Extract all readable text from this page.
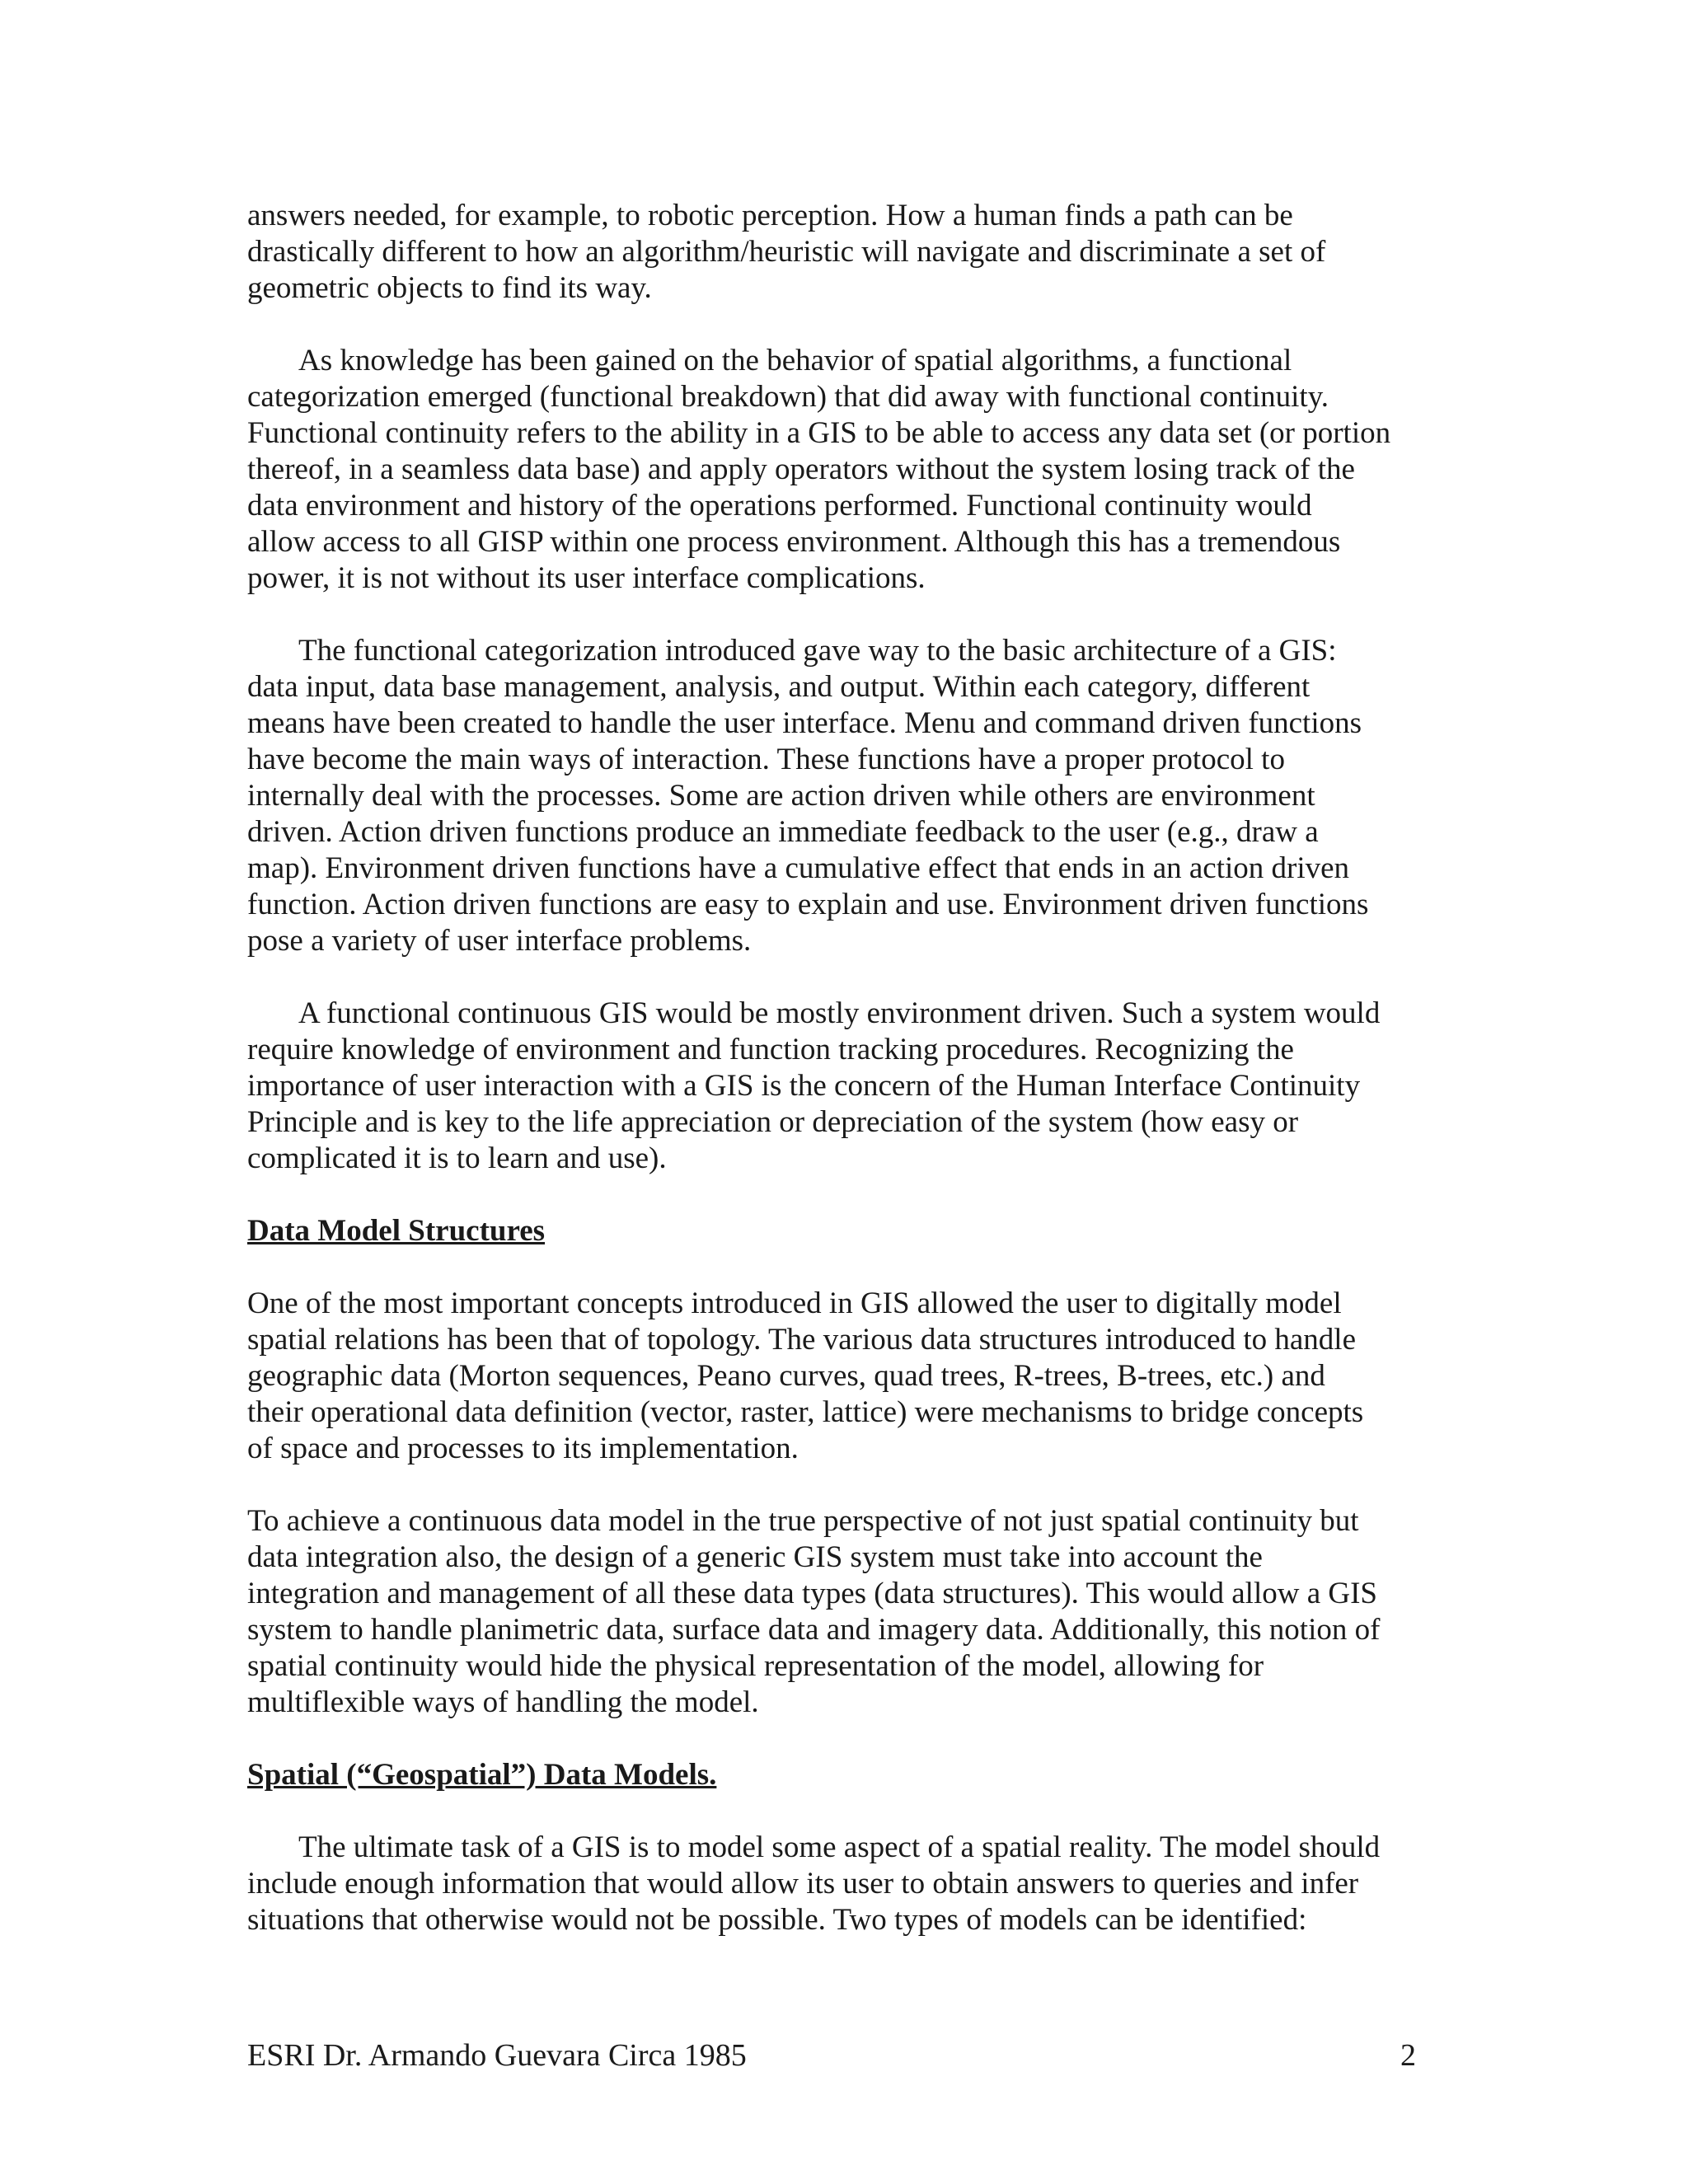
answers needed, for example, to robotic perception. How a human finds a path can be
drastically different to how an algorithm/heuristic will navigate and discriminate a set of
geometric objects to find its way.
As knowledge has been gained on the behavior of spatial algorithms, a functional
categorization emerged (functional breakdown) that did away with functional continuity.
Functional continuity refers to the ability in a GIS to be able to access any data set (or portion
thereof, in a seamless data base) and apply operators without the system losing track of the
data environment and history of the operations performed. Functional continuity would
allow access to all GISP within one process environment. Although this has a tremendous
power, it is not without its user interface complications.
The functional categorization introduced gave way to the basic architecture of a GIS:
data input, data base management, analysis, and output. Within each category, different
means have been created to handle the user interface. Menu and command driven functions
have become the main ways of interaction. These functions have a proper protocol to
internally deal with the processes. Some are action driven while others are environment
driven. Action driven functions produce an immediate feedback to the user (e.g., draw a
map). Environment driven functions have a cumulative effect that ends in an action driven
function. Action driven functions are easy to explain and use. Environment driven functions
pose a variety of user interface problems.
A functional continuous GIS would be mostly environment driven. Such a system would
require knowledge of environment and function tracking procedures. Recognizing the
importance of user interaction with a GIS is the concern of the Human Interface Continuity
Principle and is key to the life appreciation or depreciation of the system (how easy or
complicated it is to learn and use).
Data Model Structures
One of the most important concepts introduced in GIS allowed the user to digitally model
spatial relations has been that of topology. The various data structures introduced to handle
geographic data (Morton sequences, Peano curves, quad trees, R-trees, B-trees, etc.) and
their operational data definition (vector, raster, lattice) were mechanisms to bridge concepts
of space and processes to its implementation.
To achieve a continuous data model in the true perspective of not just spatial continuity but
data integration also, the design of a generic GIS system must take into account the
integration and management of all these data types (data structures). This would allow a GIS
system to handle planimetric data, surface data and imagery data. Additionally, this notion of
spatial continuity would hide the physical representation of the model, allowing for
multiflexible ways of handling the model.
Spatial (“Geospatial”) Data Models.
The ultimate task of a GIS is to model some aspect of a spatial reality. The model should
include enough information that would allow its user to obtain answers to queries and infer
situations that otherwise would not be possible. Two types of models can be identified:
ESRI Dr. Armando Guevara Circa 1985	2
